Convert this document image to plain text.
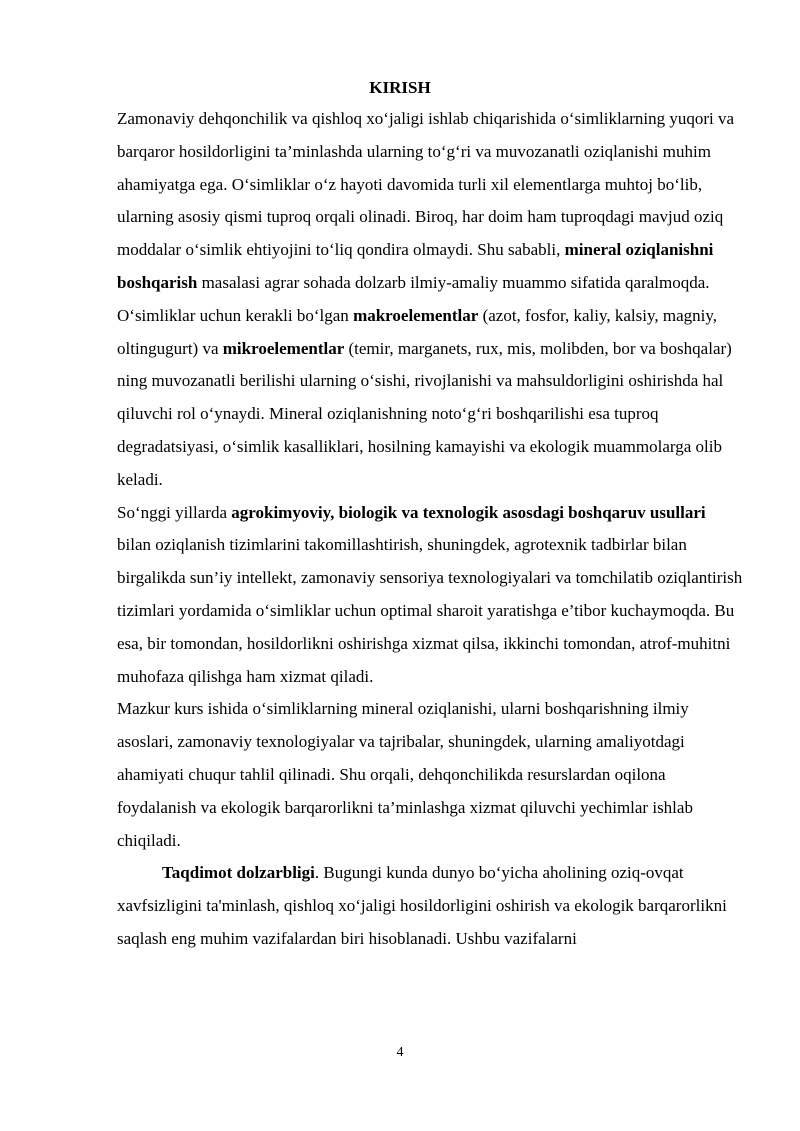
KIRISH

Zamonaviy dehqonchilik va qishloq xo‘jaligi ishlab chiqarishida o‘simliklarning yuqori va barqaror hosildorligini ta’minlashda ularning to‘g‘ri va muvozanatli oziqlanishi muhim ahamiyatga ega. O‘simliklar o‘z hayoti davomida turli xil elementlarga muhtoj bo‘lib, ularning asosiy qismi tuproq orqali olinadi. Biroq, har doim ham tuproqdagi mavjud oziq moddalar o‘simlik ehtiyojini to‘liq qondira olmaydi. Shu sababli, mineral oziqlanishni boshqarish masalasi agrar sohada dolzarb ilmiy-amaliy muammo sifatida qaralmoqda.

O‘simliklar uchun kerakli bo‘lgan makroelementlar (azot, fosfor, kaliy, kalsiy, magniy, oltingugurt) va mikroelementlar (temir, marganets, rux, mis, molibden, bor va boshqalar) ning muvozanatli berilishi ularning o‘sishi, rivojlanishi va mahsuldorligini oshirishda hal qiluvchi rol o‘ynaydi. Mineral oziqlanishning noto‘g‘ri boshqarilishi esa tuproq degradatsiyasi, o‘simlik kasalliklari, hosilning kamayishi va ekologik muammolarga olib keladi.

So‘nggi yillarda agrokimyoviy, biologik va texnologik asosdagi boshqaruv usullari bilan oziqlanish tizimlarini takomillashtirish, shuningdek, agrotexnik tadbirlar bilan birgalikda sun’iy intellekt, zamonaviy sensoriya texnologiyalari va tomchilatib oziqlantirish tizimlari yordamida o‘simliklar uchun optimal sharoit yaratishga e’tibor kuchaymoqda. Bu esa, bir tomondan, hosildorlikni oshirishga xizmat qilsa, ikkinchi tomondan, atrof-muhitni muhofaza qilishga ham xizmat qiladi.

Mazkur kurs ishida o‘simliklarning mineral oziqlanishi, ularni boshqarishning ilmiy asoslari, zamonaviy texnologiyalar va tajribalar, shuningdek, ularning amaliyotdagi ahamiyati chuqur tahlil qilinadi. Shu orqali, dehqonchilikda resurslardan oqilona foydalanish va ekologik barqarorlikni ta’minlashga xizmat qiluvchi yechimlar ishlab chiqiladi.

Taqdimot dolzarbligi. Bugungi kunda dunyo bo‘yicha aholining oziq-ovqat xavfsizligini ta'minlash, qishloq xo‘jaligi hosildorligini oshirish va ekologik barqarorlikni saqlash eng muhim vazifalardan biri hisoblanadi. Ushbu vazifalarni

4
